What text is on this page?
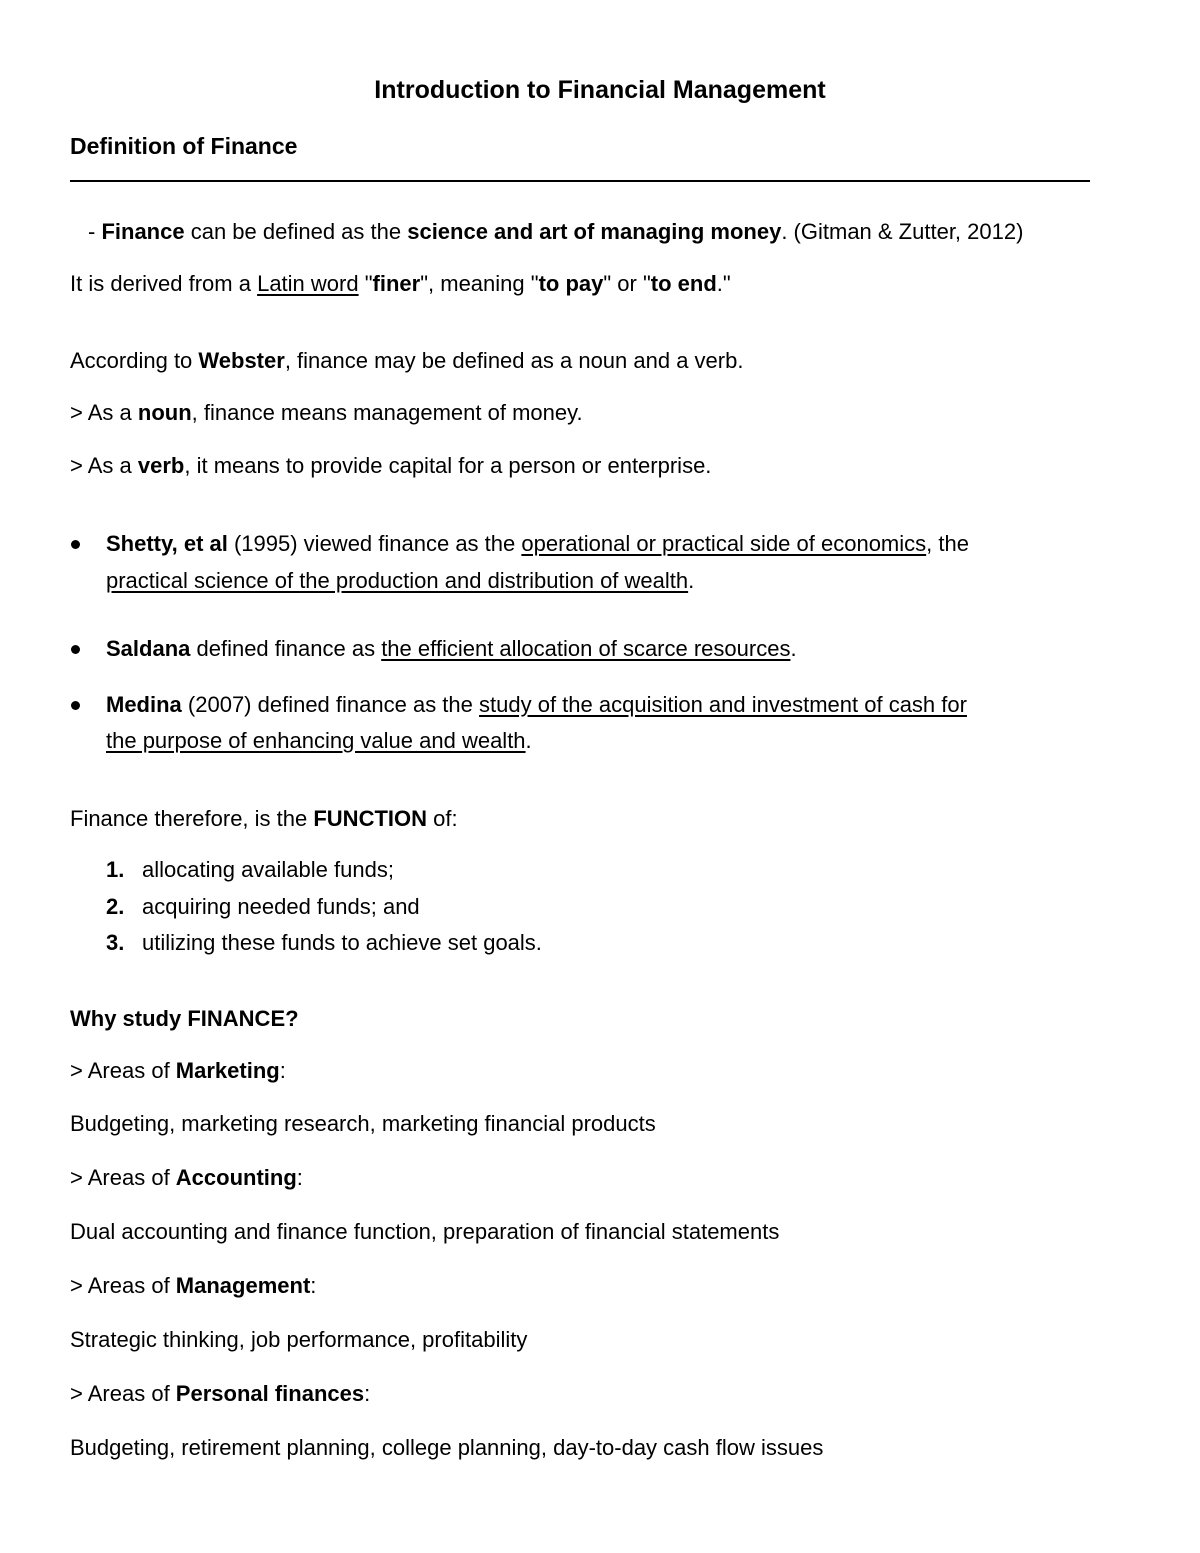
Introduction to Financial Management
Definition of Finance
- Finance can be defined as the science and art of managing money. (Gitman & Zutter, 2012)
It is derived from a Latin word "finer", meaning "to pay" or "to end."
According to Webster, finance may be defined as a noun and a verb.
> As a noun, finance means management of money.
> As a verb, it means to provide capital for a person or enterprise.
Shetty, et al (1995) viewed finance as the operational or practical side of economics, the
practical science of the production and distribution of wealth.
Saldana defined finance as the efficient allocation of scarce resources.
Medina (2007) defined finance as the study of the acquisition and investment of cash for
the purpose of enhancing value and wealth.
Finance therefore, is the FUNCTION of:
1. allocating available funds;
2. acquiring needed funds; and
3. utilizing these funds to achieve set goals.
Why study FINANCE?
> Areas of Marketing:
Budgeting, marketing research, marketing financial products
> Areas of Accounting:
Dual accounting and finance function, preparation of financial statements
> Areas of Management:
Strategic thinking, job performance, profitability
> Areas of Personal finances:
Budgeting, retirement planning, college planning, day-to-day cash flow issues
